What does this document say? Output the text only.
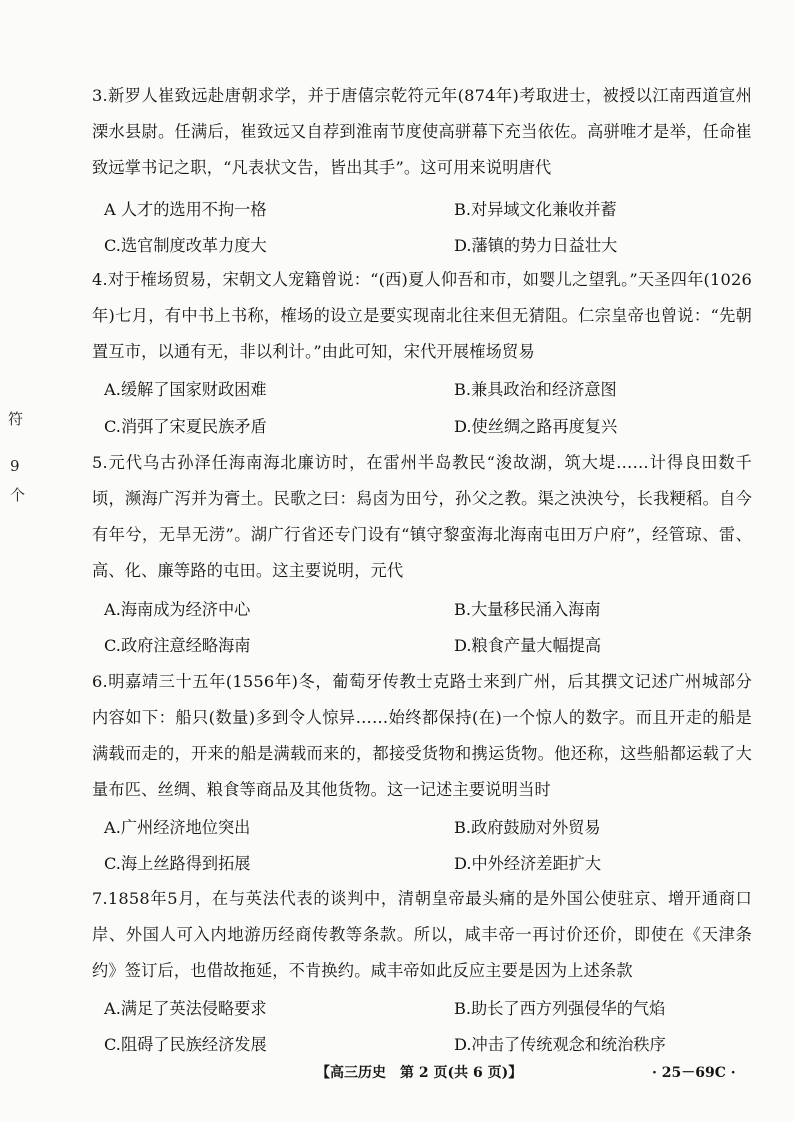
符
9
个

3.新罗人崔致远赴唐朝求学，并于唐僖宗乾符元年(874年)考取进士，被授以江南西道宣州溧水县尉。任满后，崔致远又自荐到淮南节度使高骈幕下充当依佐。高骈唯才是举，任命崔致远掌书记之职，“凡表状文告，皆出其手”。这可用来说明唐代

A 人才的选用不拘一格	B.对异域文化兼收并蓄
C.选官制度改革力度大	D.藩镇的势力日益壮大

4.对于榷场贸易，宋朝文人宠籍曾说：“(西)夏人仰吾和市，如婴儿之望乳。”天圣四年(1026年)七月，有中书上书称，榷场的设立是要实现南北往来但无猜阻。仁宗皇帝也曾说：“先朝置互市，以通有无，非以利计。”由此可知，宋代开展榷场贸易

A.缓解了国家财政困难	B.兼具政治和经济意图
C.消弭了宋夏民族矛盾	D.使丝绸之路再度复兴

5.元代乌古孙泽任海南海北廉访时，在雷州半岛教民“浚故湖，筑大堤……计得良田数千顷，濒海广泻并为膏土。民歌之曰：舄卤为田兮，孙父之教。渠之泱泱兮，长我粳稻。自今有年兮，无旱无涝”。湖广行省还专门设有“镇守黎蛮海北海南屯田万户府”，经管琼、雷、高、化、廉等路的屯田。这主要说明，元代

A.海南成为经济中心	B.大量移民涌入海南
C.政府注意经略海南	D.粮食产量大幅提高

6.明嘉靖三十五年(1556年)冬，葡萄牙传教士克路士来到广州，后其撰文记述广州城部分内容如下：船只(数量)多到令人惊异……始终都保持(在)一个惊人的数字。而且开走的船是满载而走的，开来的船是满载而来的，都接受货物和携运货物。他还称，这些船都运载了大量布匹、丝绸、粮食等商品及其他货物。这一记述主要说明当时

A.广州经济地位突出	B.政府鼓励对外贸易
C.海上丝路得到拓展	D.中外经济差距扩大

7.1858年5月，在与英法代表的谈判中，清朝皇帝最头痛的是外国公使驻京、增开通商口岸、外国人可入内地游历经商传教等条款。所以，咸丰帝一再讨价还价，即使在《天津条约》签订后，也借故拖延，不肯换约。咸丰帝如此反应主要是因为上述条款

A.满足了英法侵略要求	B.助长了西方列强侵华的气焰
C.阻碍了民族经济发展	D.冲击了传统观念和统治秩序
【高三历史　第 2 页(共 6 页)】	· 25－69C ·
